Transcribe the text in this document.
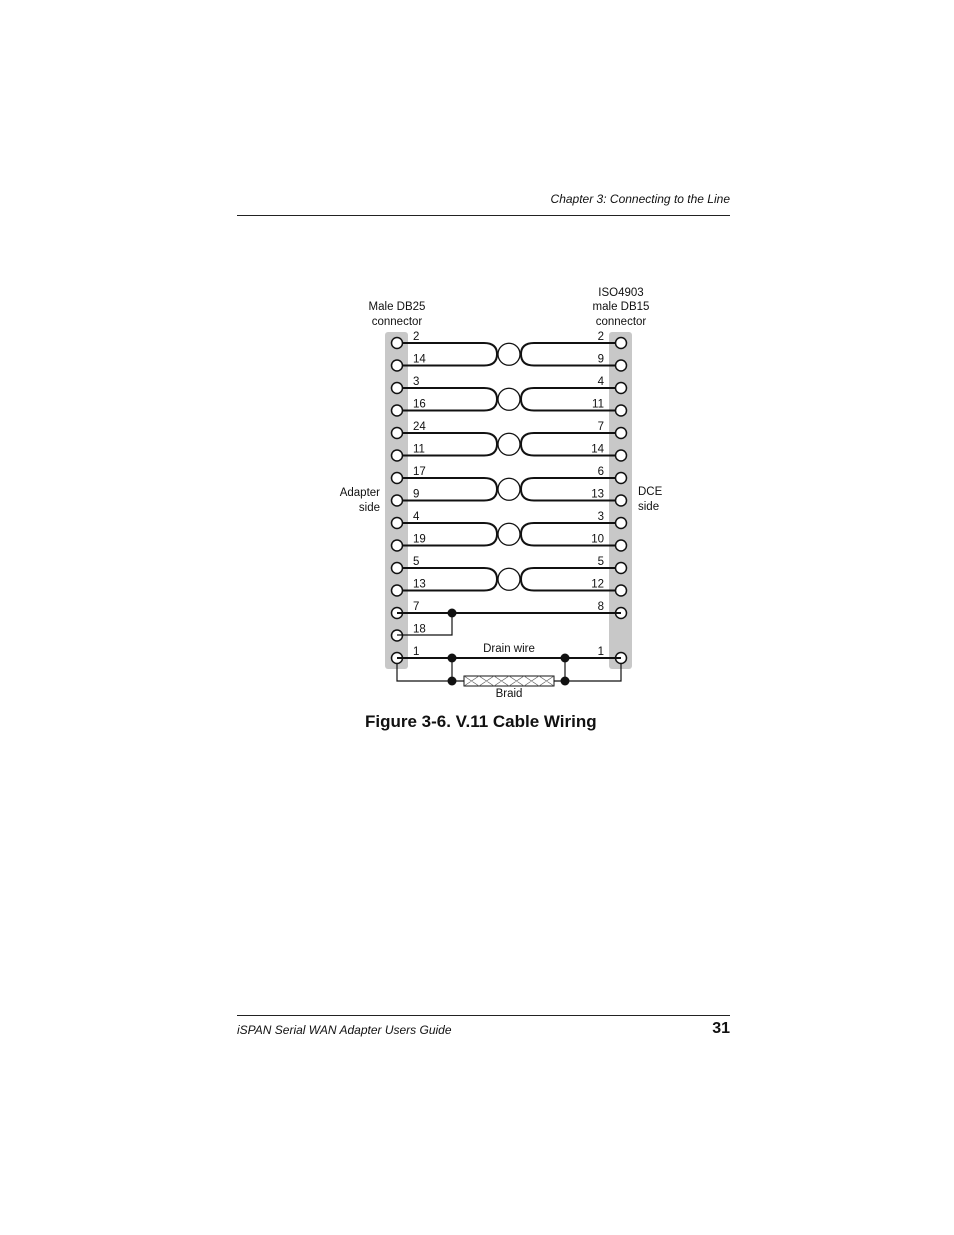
Chapter 3: Connecting to the Line
Male DB25
connector
ISO4903
male DB15
connector
Adapter
side
DCE
side
2
14
3
16
24
11
17
9
4
19
5
13
7
18
1
2
9
4
11
7
14
6
13
3
10
5
12
8
1
Drain wire
Braid
Figure 3-6. V.11 Cable Wiring
iSPAN Serial WAN Adapter Users Guide	31
